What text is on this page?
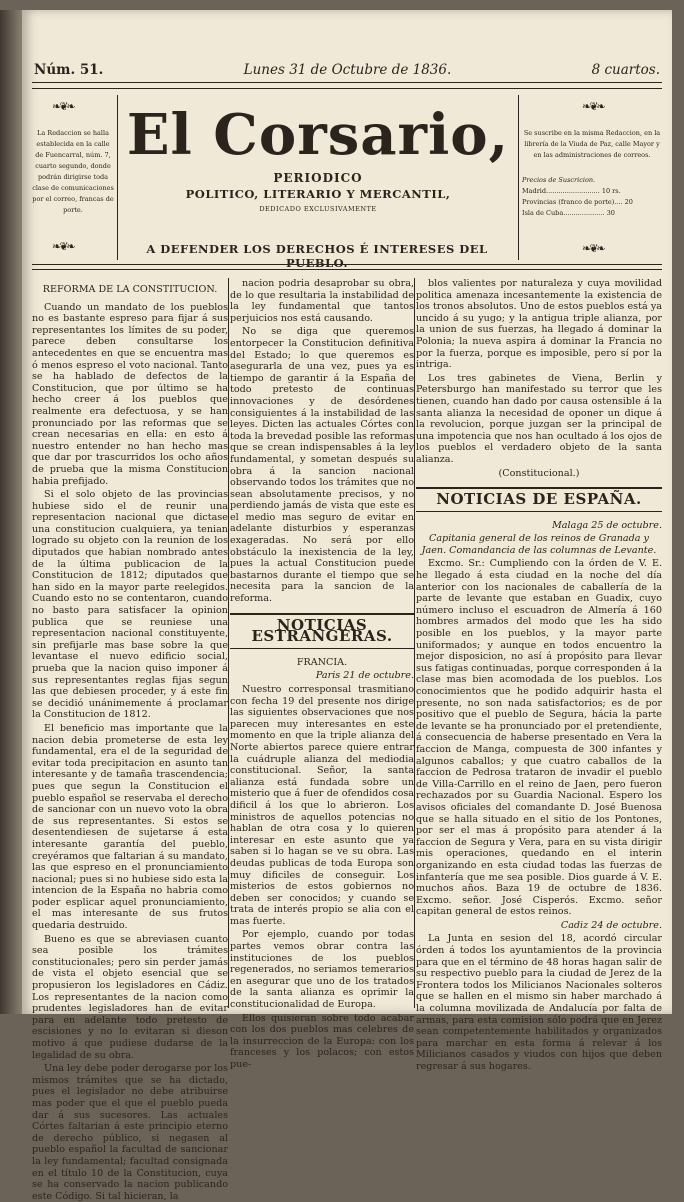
Núm. 51.	Lunes 31 de Octubre de 1836.	8 cuartos.
La Redaccion se halla establecida en la calle de Fuencarral, núm. 7, cuarto segundo, donde podrán dirigirse toda clase de comunicaciones por el correo, francas de porte.
❧❦❧
❧❦❧
El Corsario,
PERIODICO
POLITICO, LITERARIO Y MERCANTIL,
DEDICADO EXCLUSIVAMENTE
A DEFENDER LOS DERECHOS É INTERESES DEL PUEBLO.
Se suscribe en la misma Redaccion, en la librería de la Viuda de Paz, calle Mayor y en las administraciones de correos.
Precios de Suscricion.
Madrid.......................... 10 rs.
Provincias (franco de porte).... 20
Isla de Cuba.................... 30
❧❦❧
❧❦❧

REFORMA DE LA CONSTITUCION.

Cuando un mandato de los pueblos no es bastante espreso para fijar á sus representantes los límites de su poder, parece deben consultarse los antecedentes en que se encuentra mas ó menos espreso el voto nacional. Tanto se ha hablado de defectos de la Constitucion, que por último se ha hecho creer á los pueblos que realmente era defectuosa, y se han pronunciado por las reformas que se crean necesarias en ella: en esto á nuestro entender no han hecho mas que dar por trascurridos los ocho años de prueba que la misma Constitucion habia prefijado.

Si el solo objeto de las provincias hubiese sido el de reunir una representacion nacional que dictase una constitucion cualquiera, ya tenian logrado su objeto con la reunion de los diputados que habian nombrado antes de la última publicacion de la Constitucion de 1812; diputados que han sido en la mayor parte reelegidos. Cuando esto no se contentaron, cuando no basto para satisfacer la opinion publica que se reuniese una representacion nacional constituyente, sin prefijarle mas base sobre la que levantase el nuevo edificio social, prueba que la nacion quiso imponer á sus representantes reglas fijas segun las que debiesen proceder, y á este fin se decidió unánimemente á proclamar la Constitucion de 1812.

El beneficio mas importante que la nacion debia prometerse de esta ley fundamental, era el de la seguridad de evitar toda precipitacion en asunto tan interesante y de tamaña trascendencia; pues que segun la Constitucion el pueblo español se reservaba el derecho de sancionar con un nuevo voto la obra de sus representantes. Si estos se desentendiesen de sujetarse á esta interesante garantía del pueblo, creyéramos que faltarian á su mandato, las que espreso en el pronunciamiento nacional; pues si no hubiese sido esta la intencion de la España no habria como poder esplicar aquel pronunciamiento, el mas interesante de sus frutos quedaria destruido.

Bueno es que se abreviasen cuanto sea posible los trámites constitucionales; pero sin perder jamás de vista el objeto esencial que se propusieron los legisladores en Cádiz. Los representantes de la nacion como prudentes legisladores han de evitar para en adelante todo pretesto de escisiones y no lo evitaran si dieson motivo á que pudiese dudarse de la legalidad de su obra.

Una ley debe poder derogarse por los mismos trámites que se ha dictado, pues el legislador no debe atribuirse mas poder que el que el pueblo pueda dar á sus sucesores. Las actuales Córtes faltarian á este principio eterno de derecho público, si negasen al pueblo español la facultad de sancionar la ley fundamental; facultad consignada en el título 10 de la Constitucion, cuya se ha conservado la nacion publicando este Código. Si tal hicieran, la

nacion podria desaprobar su obra, de lo que resultaria la instabilidad de la ley fundamental que tantos perjuicios nos está causando.

No se diga que queremos entorpecer la Constitucion definitiva del Estado; lo que queremos es asegurarla de una vez, pues ya es tiempo de garantir á la España de todo pretesto de continuas innovaciones y de desórdenes consiguientes á la instabilidad de las leyes. Dicten las actuales Córtes con toda la brevedad posible las reformas que se crean indispensables á la ley fundamental, y sometan después su obra á la sancion nacional observando todos los trámites que no sean absolutamente precisos, y no perdiendo jamás de vista que este es el medio mas seguro de evitar en adelante disturbios y esperanzas exageradas. No será por ello obstáculo la inexistencia de la ley, pues la actual Constitucion puede bastarnos durante el tiempo que se necesita para la sancion de la reforma.

NOTICIAS ESTRANGERAS.

FRANCIA.

Paris 21 de octubre.

Nuestro corresponsal trasmitiano con fecha 19 del presente nos dirige las siguientes observaciones que nos parecen muy interesantes en este momento en que la triple alianza del Norte abiertos parece quiere entrar la cuádruple alianza del mediodia constitucional. Señor, la santa alianza está fundada sobre un misterio que á fuer de ofendidos cosa dificil á los que lo abrieron. Los ministros de aquellos potencias no hablan de otra cosa y lo quieren interesar en este asunto que ya saben si lo hagan se ve su obra. Las deudas publicas de toda Europa son muy dificiles de conseguir. Los misterios de estos gobiernos no deben ser conocidos; y cuando se trata de interés propio se alia con el mas fuerte.

Por ejemplo, cuando por todas partes vemos obrar contra las instituciones de los pueblos regenerados, no seriamos temerarios en asegurar que uno de los tratados de la santa alianza es oprimir la constitucionalidad de Europa.

Ellos quisieran sobre todo acabar con los dos pueblos mas celebres de la insurreccion de la Europa: con los franceses y los polacos; con estos pue-

blos valientes por naturaleza y cuya movilidad politica amenaza incesantemente la existencia de los tronos absolutos. Uno de estos pueblos está ya uncido á su yugo; y la antigua triple alianza, por la union de sus fuerzas, ha llegado á dominar la Polonia; la nueva aspira á dominar la Francia no por la fuerza, porque es imposible, pero sí por la intriga.

Los tres gabinetes de Viena, Berlin y Petersburgo han manifestado su terror que les tienen, cuando han dado por causa ostensible á la santa alianza la necesidad de oponer un dique á la revolucion, porque juzgan ser la principal de una impotencia que nos han ocultado á los ojos de los pueblos el verdadero objeto de la santa alianza.

(Constitucional.)

NOTICIAS DE ESPAÑA.

Malaga 25 de octubre.

Capitania general de los reinos de Granada y Jaen. Comandancia de las columnas de Levante.

Excmo. Sr.: Cumpliendo con la órden de V. E. he llegado á esta ciudad en la noche del día anterior con los nacionales de caballería de la parte de levante que estaban en Guadix, cuyo número incluso el escuadron de Almería á 160 hombres armados del modo que les ha sido posible en los pueblos, y la mayor parte uniformados; y aunque en todos encuentro la mejor disposicion, no así á propósito para llevar sus fatigas continuadas, porque corresponden á la clase mas bien acomodada de los pueblos. Los conocimientos que he podido adquirir hasta el presente, no son nada satisfactorios; es de por positivo que el pueblo de Segura, hácia la parte de levante se ha pronunciado por el pretendiente, á consecuencia de haberse presentado en Vera la faccion de Manga, compuesta de 300 infantes y algunos caballos; y que cuatro caballos de la faccion de Pedrosa trataron de invadir el pueblo de Villa-Carrillo en el reino de Jaen, pero fueron rechazados por su Guardia Nacional. Espero los avisos oficiales del comandante D. José Buenosa que se halla situado en el sitio de los Pontones, por ser el mas á propósito para atender á la faccion de Segura y Vera, para en su vista dirigir mis operaciones, quedando en el interin organizando en esta ciudad todas las fuerzas de infantería que me sea posible. Dios guarde á V. E. muchos años. Baza 19 de octubre de 1836. Excmo. señor. José Cisperós. Excmo. señor capitan general de estos reinos.

Cadiz 24 de octubre.

La Junta en sesion del 18, acordó circular órden á todos los ayuntamientos de la provincia para que en el término de 48 horas hagan salir de su respectivo pueblo para la ciudad de Jerez de la Frontera todos los Milicianos Nacionales solteros que se hallen en el mismo sin haber marchado á la columna movilizada de Andalucía por falta de armas, para esta comision sólo podrá que en Jerez sean competentemente habilitados y organizados para marchar en esta forma á relevar á los Milicianos casados y viudos con hijos que deben regresar á sus hogares.
